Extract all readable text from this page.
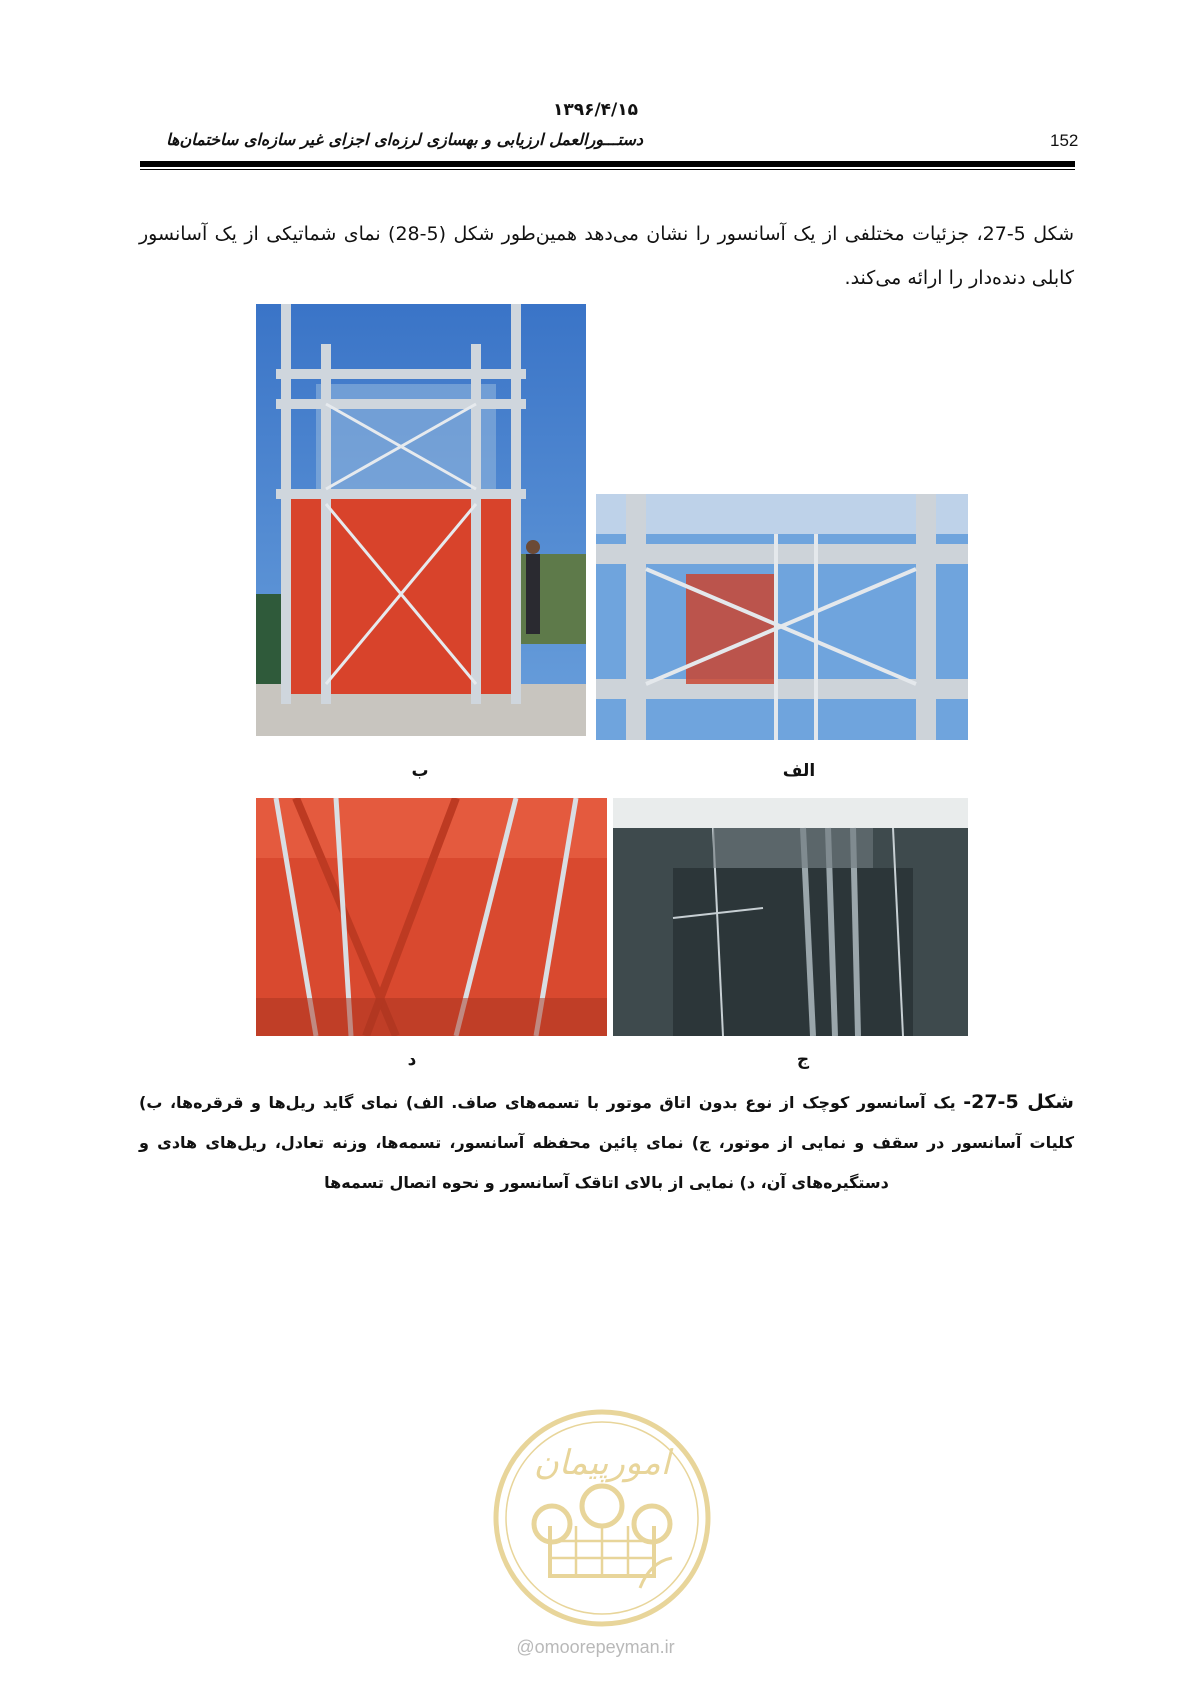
۱۳۹۶/۴/۱۵
دستـــورالعمل ارزیابی و بهسازی لرزه‌ای اجزای غیر سازه‌ای ساختمان‌ها	152
شکل 5-27، جزئیات مختلفی از یک آسانسور را نشان می‌دهد همین‌طور شکل (5-28) نمای شماتیکی از یک آسانسور کابلی دنده‌دار را ارائه می‌کند.
ب	الف
د	ج
شکل 5-27- یک آسانسور کوچک از نوع بدون اتاق موتور با تسمه‌های صاف. الف) نمای گاید ریل‌ها و قرقره‌ها، ب) کلیات آسانسور در سقف و نمایی از موتور، ج) نمای پائین محفظه آسانسور، تسمه‌ها، وزنه تعادل، ریل‌های هادی و دستگیره‌های آن، د) نمایی از بالای اتاقک آسانسور و نحوه اتصال تسمه‌ها
امورپیمان
@omoorepeyman.ir
